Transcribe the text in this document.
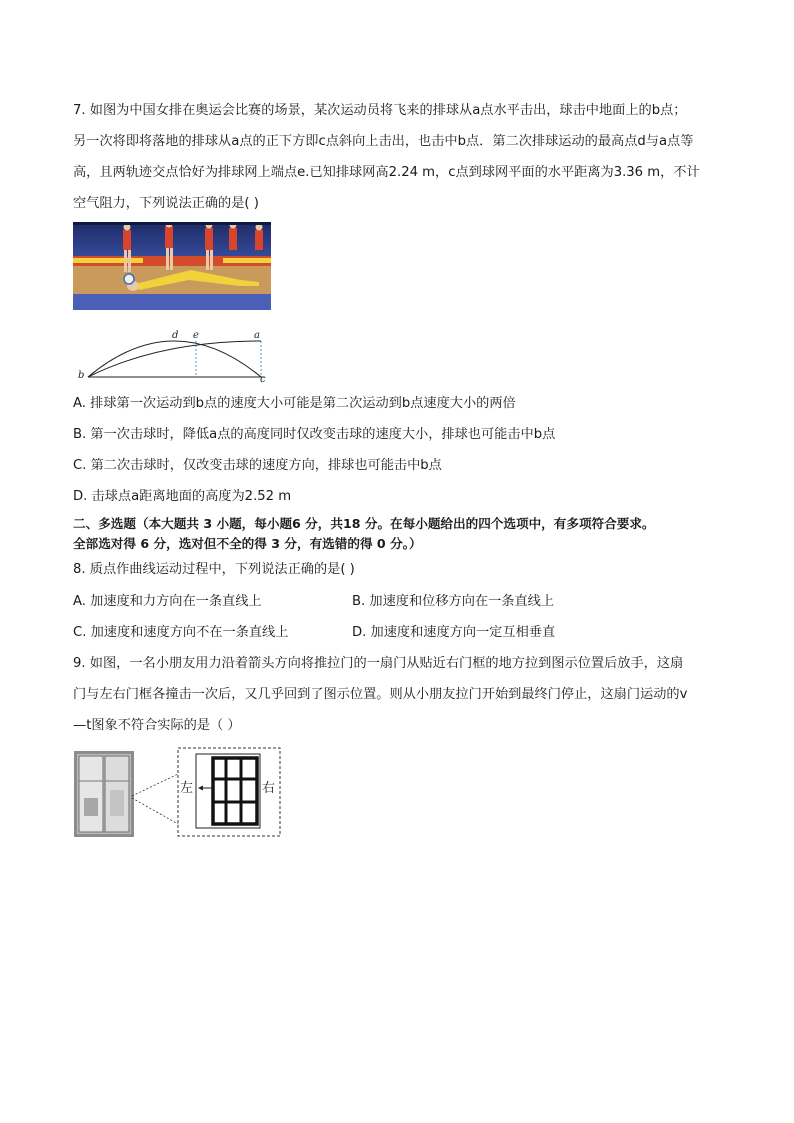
7. 如图为中国女排在奥运会比赛的场景，某次运动员将飞来的排球从a点水平击出，球击中地面上的b点；
另一次将即将落地的排球从a点的正下方即c点斜向上击出，也击中b点．第二次排球运动的最高点d与a点等
高，且两轨迹交点恰好为排球网上端点e.已知排球网高2.24 m，c点到球网平面的水平距离为3.36 m，不计
空气阻力，下列说法正确的是( )
d e	a
b	c
A. 排球第一次运动到b点的速度大小可能是第二次运动到b点速度大小的两倍
B. 第一次击球时，降低a点的高度同时仅改变击球的速度大小，排球也可能击中b点
C. 第二次击球时，仅改变击球的速度方向，排球也可能击中b点
D. 击球点a距离地面的高度为2.52 m
二、多选题（本大题共 3 小题，每小题6 分，共18 分。在每小题给出的四个选项中，有多项符合要求。
全部选对得 6 分，选对但不全的得 3 分，有选错的得 0 分。）
8. 质点作曲线运动过程中，下列说法正确的是( )
A. 加速度和力方向在一条直线上	B. 加速度和位移方向在一条直线上
C. 加速度和速度方向不在一条直线上	D. 加速度和速度方向一定互相垂直
9. 如图，一名小朋友用力沿着箭头方向将推拉门的一扇门从贴近右门框的地方拉到图示位置后放手，这扇
门与左右门框各撞击一次后，又几乎回到了图示位置。则从小朋友拉门开始到最终门停止，这扇门运动的v
—t图象不符合实际的是（ ）
左	右
